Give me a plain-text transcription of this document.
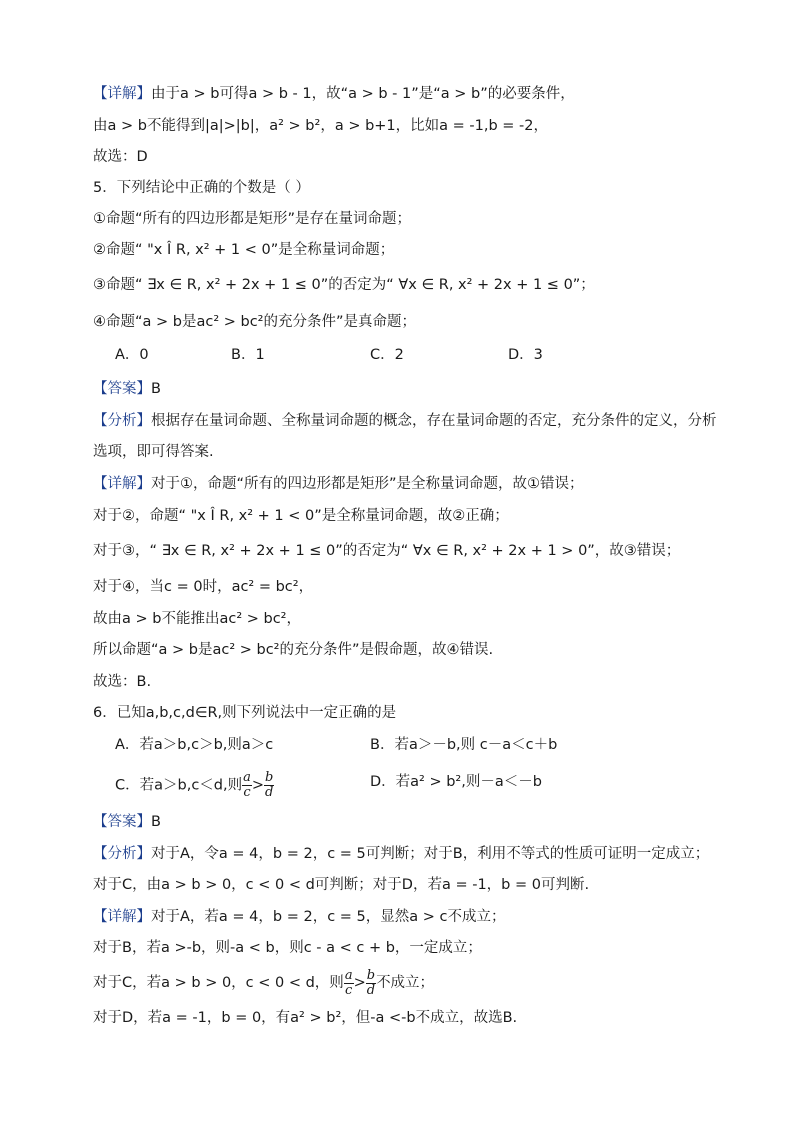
【详解】由于a > b可得a > b - 1，故“a > b - 1”是“a > b”的必要条件，
由a > b不能得到|a|>|b|，a² > b²，a > b+1，比如a = -1,b = -2，
故选：D
5．下列结论中正确的个数是（ ）
①命题“所有的四边形都是矩形”是存在量词命题；
②命题“ "x Î R, x² + 1 < 0”是全称量词命题；
③命题“ ∃x ∈ R, x² + 2x + 1 ≤ 0”的否定为“ ∀x ∈ R, x² + 2x + 1 ≤ 0”；
④命题“a > b是ac² > bc²的充分条件”是真命题；
A．0	B．1	C．2	D．3
【答案】B
【分析】根据存在量词命题、全称量词命题的概念，存在量词命题的否定，充分条件的定义，分析
选项，即可得答案.
【详解】对于①，命题“所有的四边形都是矩形”是全称量词命题，故①错误；
对于②，命题“ "x Î R, x² + 1 < 0”是全称量词命题，故②正确；
对于③，“ ∃x ∈ R, x² + 2x + 1 ≤ 0”的否定为“ ∀x ∈ R, x² + 2x + 1 > 0”，故③错误；
对于④，当c = 0时，ac² = bc²，
故由a > b不能推出ac² > bc²，
所以命题“a > b是ac² > bc²的充分条件”是假命题，故④错误.
故选：B.
6．已知a,b,c,d∈R,则下列说法中一定正确的是
A．若a＞b,c＞b,则a＞c	B．若a＞－b,则 c－a＜c＋b
C．若a＞b,c＜d,则 $\frac{a}{c} > \frac{b}{d}$	D．若a² > b²,则－a＜－b
【答案】B
【分析】对于A，令a = 4，b = 2，c = 5可判断；对于B，利用不等式的性质可证明一定成立；
对于C，由a > b > 0，c < 0 < d可判断；对于D，若a = -1，b = 0可判断.
【详解】对于A，若a = 4，b = 2，c = 5，显然a > c不成立；
对于B，若a >-b，则-a < b，则c - a < c + b，一定成立；
对于C，若a > b > 0，c < 0 < d，则 $\frac{a}{c} > \frac{b}{d}$ 不成立；
对于D，若a = -1，b = 0，有a² > b²，但-a <-b不成立，故选B.
